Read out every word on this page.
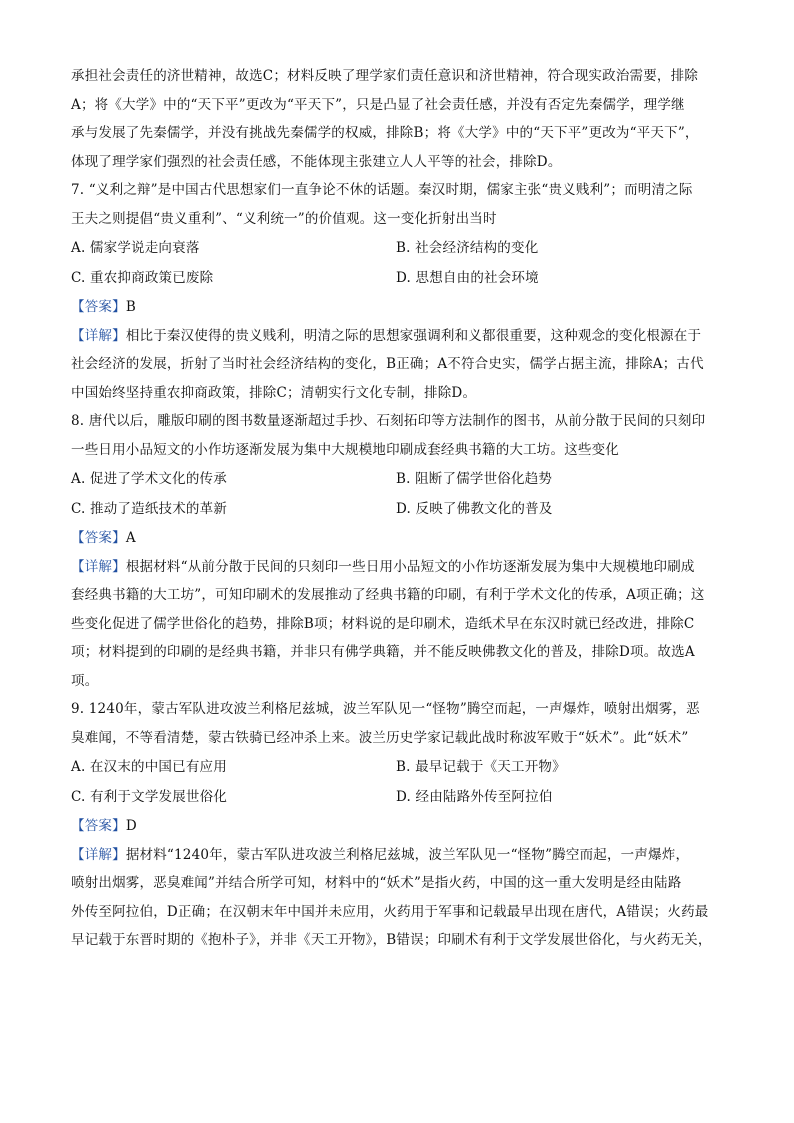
承担社会责任的济世精神，故选C；材料反映了理学家们责任意识和济世精神，符合现实政治需要，排除

A；将《大学》中的“天下平”更改为“平天下”，只是凸显了社会责任感，并没有否定先秦儒学，理学继

承与发展了先秦儒学，并没有挑战先秦儒学的权威，排除B；将《大学》中的“天下平”更改为“平天下”，

体现了理学家们强烈的社会责任感，不能体现主张建立人人平等的社会，排除D。

7. “义利之辩”是中国古代思想家们一直争论不休的话题。秦汉时期，儒家主张“贵义贱利”；而明清之际

王夫之则提倡“贵义重利”、“义利统一”的价值观。这一变化折射出当时

A. 儒家学说走向衰落	B. 社会经济结构的变化
C. 重农抑商政策已废除	D. 思想自由的社会环境

【答案】B

【详解】相比于秦汉使得的贵义贱利，明清之际的思想家强调利和义都很重要，这种观念的变化根源在于

社会经济的发展，折射了当时社会经济结构的变化，B正确；A不符合史实，儒学占据主流，排除A；古代

中国始终坚持重农抑商政策，排除C；清朝实行文化专制，排除D。

8. 唐代以后，雕版印刷的图书数量逐渐超过手抄、石刻拓印等方法制作的图书，从前分散于民间的只刻印

一些日用小品短文的小作坊逐渐发展为集中大规模地印刷成套经典书籍的大工坊。这些变化

A. 促进了学术文化的传承	B. 阻断了儒学世俗化趋势
C. 推动了造纸技术的革新	D. 反映了佛教文化的普及

【答案】A

【详解】根据材料“从前分散于民间的只刻印一些日用小品短文的小作坊逐渐发展为集中大规模地印刷成

套经典书籍的大工坊”，可知印刷术的发展推动了经典书籍的印刷，有利于学术文化的传承，A项正确；这

些变化促进了儒学世俗化的趋势，排除B项；材料说的是印刷术，造纸术早在东汉时就已经改进，排除C

项；材料提到的印刷的是经典书籍，并非只有佛学典籍，并不能反映佛教文化的普及，排除D项。故选A

项。

9. 1240年，蒙古军队进攻波兰利格尼兹城，波兰军队见一“怪物”腾空而起，一声爆炸，喷射出烟雾，恶

臭难闻，不等看清楚，蒙古铁骑已经冲杀上来。波兰历史学家记载此战时称波军败于“妖术”。此“妖术”

A. 在汉末的中国已有应用	B. 最早记载于《天工开物》
C. 有利于文学发展世俗化	D. 经由陆路外传至阿拉伯

【答案】D

【详解】据材料“1240年，蒙古军队进攻波兰利格尼兹城，波兰军队见一“怪物”腾空而起，一声爆炸，

喷射出烟雾，恶臭难闻”并结合所学可知，材料中的“妖术”是指火药，中国的这一重大发明是经由陆路

外传至阿拉伯，D正确；在汉朝末年中国并未应用，火药用于军事和记载最早出现在唐代，A错误；火药最

早记载于东晋时期的《抱朴子》，并非《天工开物》，B错误；印刷术有利于文学发展世俗化，与火药无关，
